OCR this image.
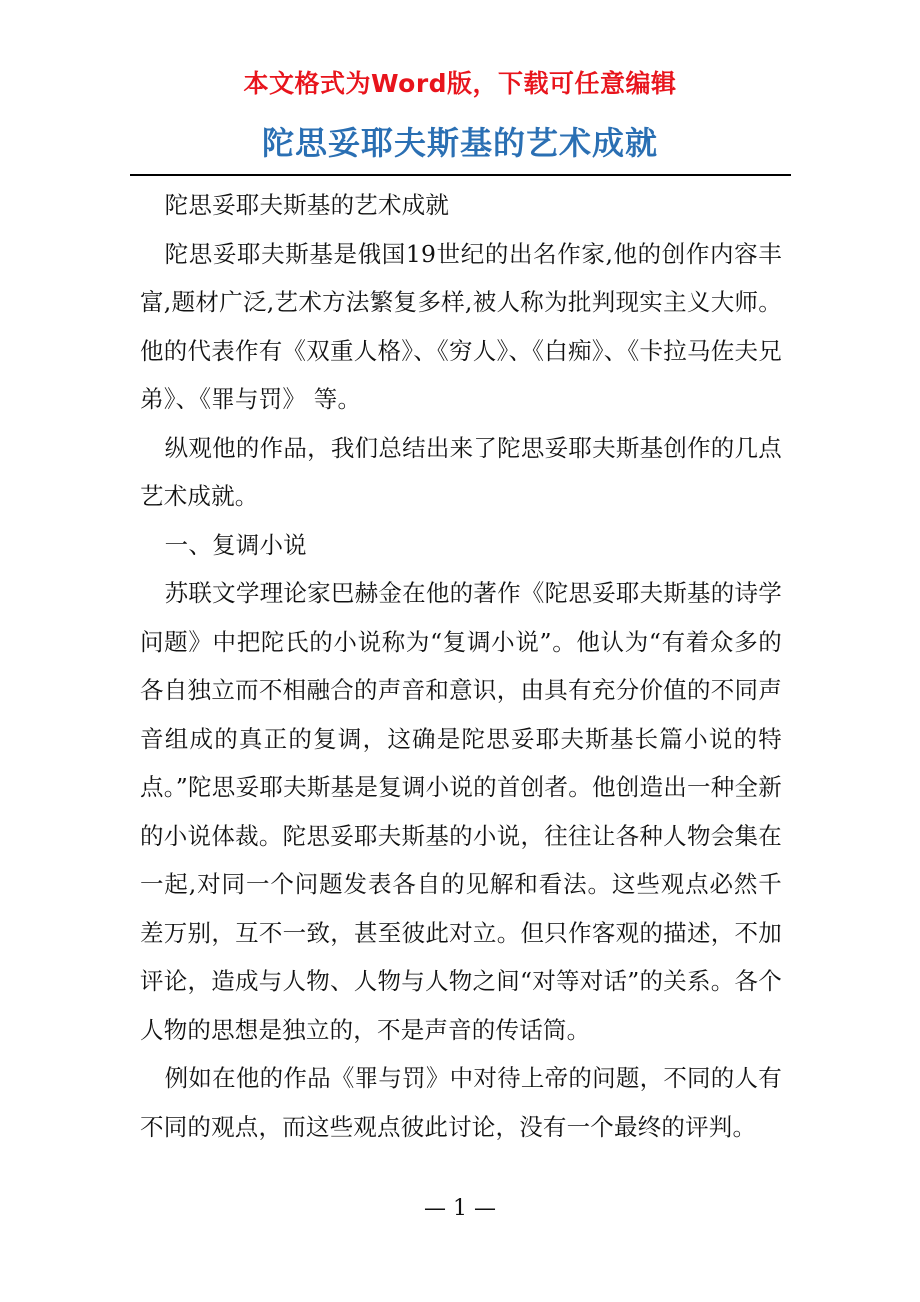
本文格式为Word版，下载可任意编辑
陀思妥耶夫斯基的艺术成就

陀思妥耶夫斯基的艺术成就

陀思妥耶夫斯基是俄国19世纪的出名作家,他的创作内容丰富,题材广泛,艺术方法繁复多样,被人称为批判现实主义大师。他的代表作有《双重人格》、《穷人》、《白痴》、《卡拉马佐夫兄弟》、《罪与罚》 等。

纵观他的作品，我们总结出来了陀思妥耶夫斯基创作的几点艺术成就。

一、复调小说

苏联文学理论家巴赫金在他的著作《陀思妥耶夫斯基的诗学问题》中把陀氏的小说称为“复调小说”。他认为“有着众多的各自独立而不相融合的声音和意识，由具有充分价值的不同声音组成的真正的复调，这确是陀思妥耶夫斯基长篇小说的特点。”陀思妥耶夫斯基是复调小说的首创者。他创造出一种全新的小说体裁。陀思妥耶夫斯基的小说，往往让各种人物会集在一起,对同一个问题发表各自的见解和看法。这些观点必然千差万别，互不一致，甚至彼此对立。但只作客观的描述，不加评论，造成与人物、人物与人物之间“对等对话”的关系。各个人物的思想是独立的，不是声音的传话筒。

例如在他的作品《罪与罚》中对待上帝的问题，不同的人有不同的观点，而这些观点彼此讨论，没有一个最终的评判。

— 1 —
